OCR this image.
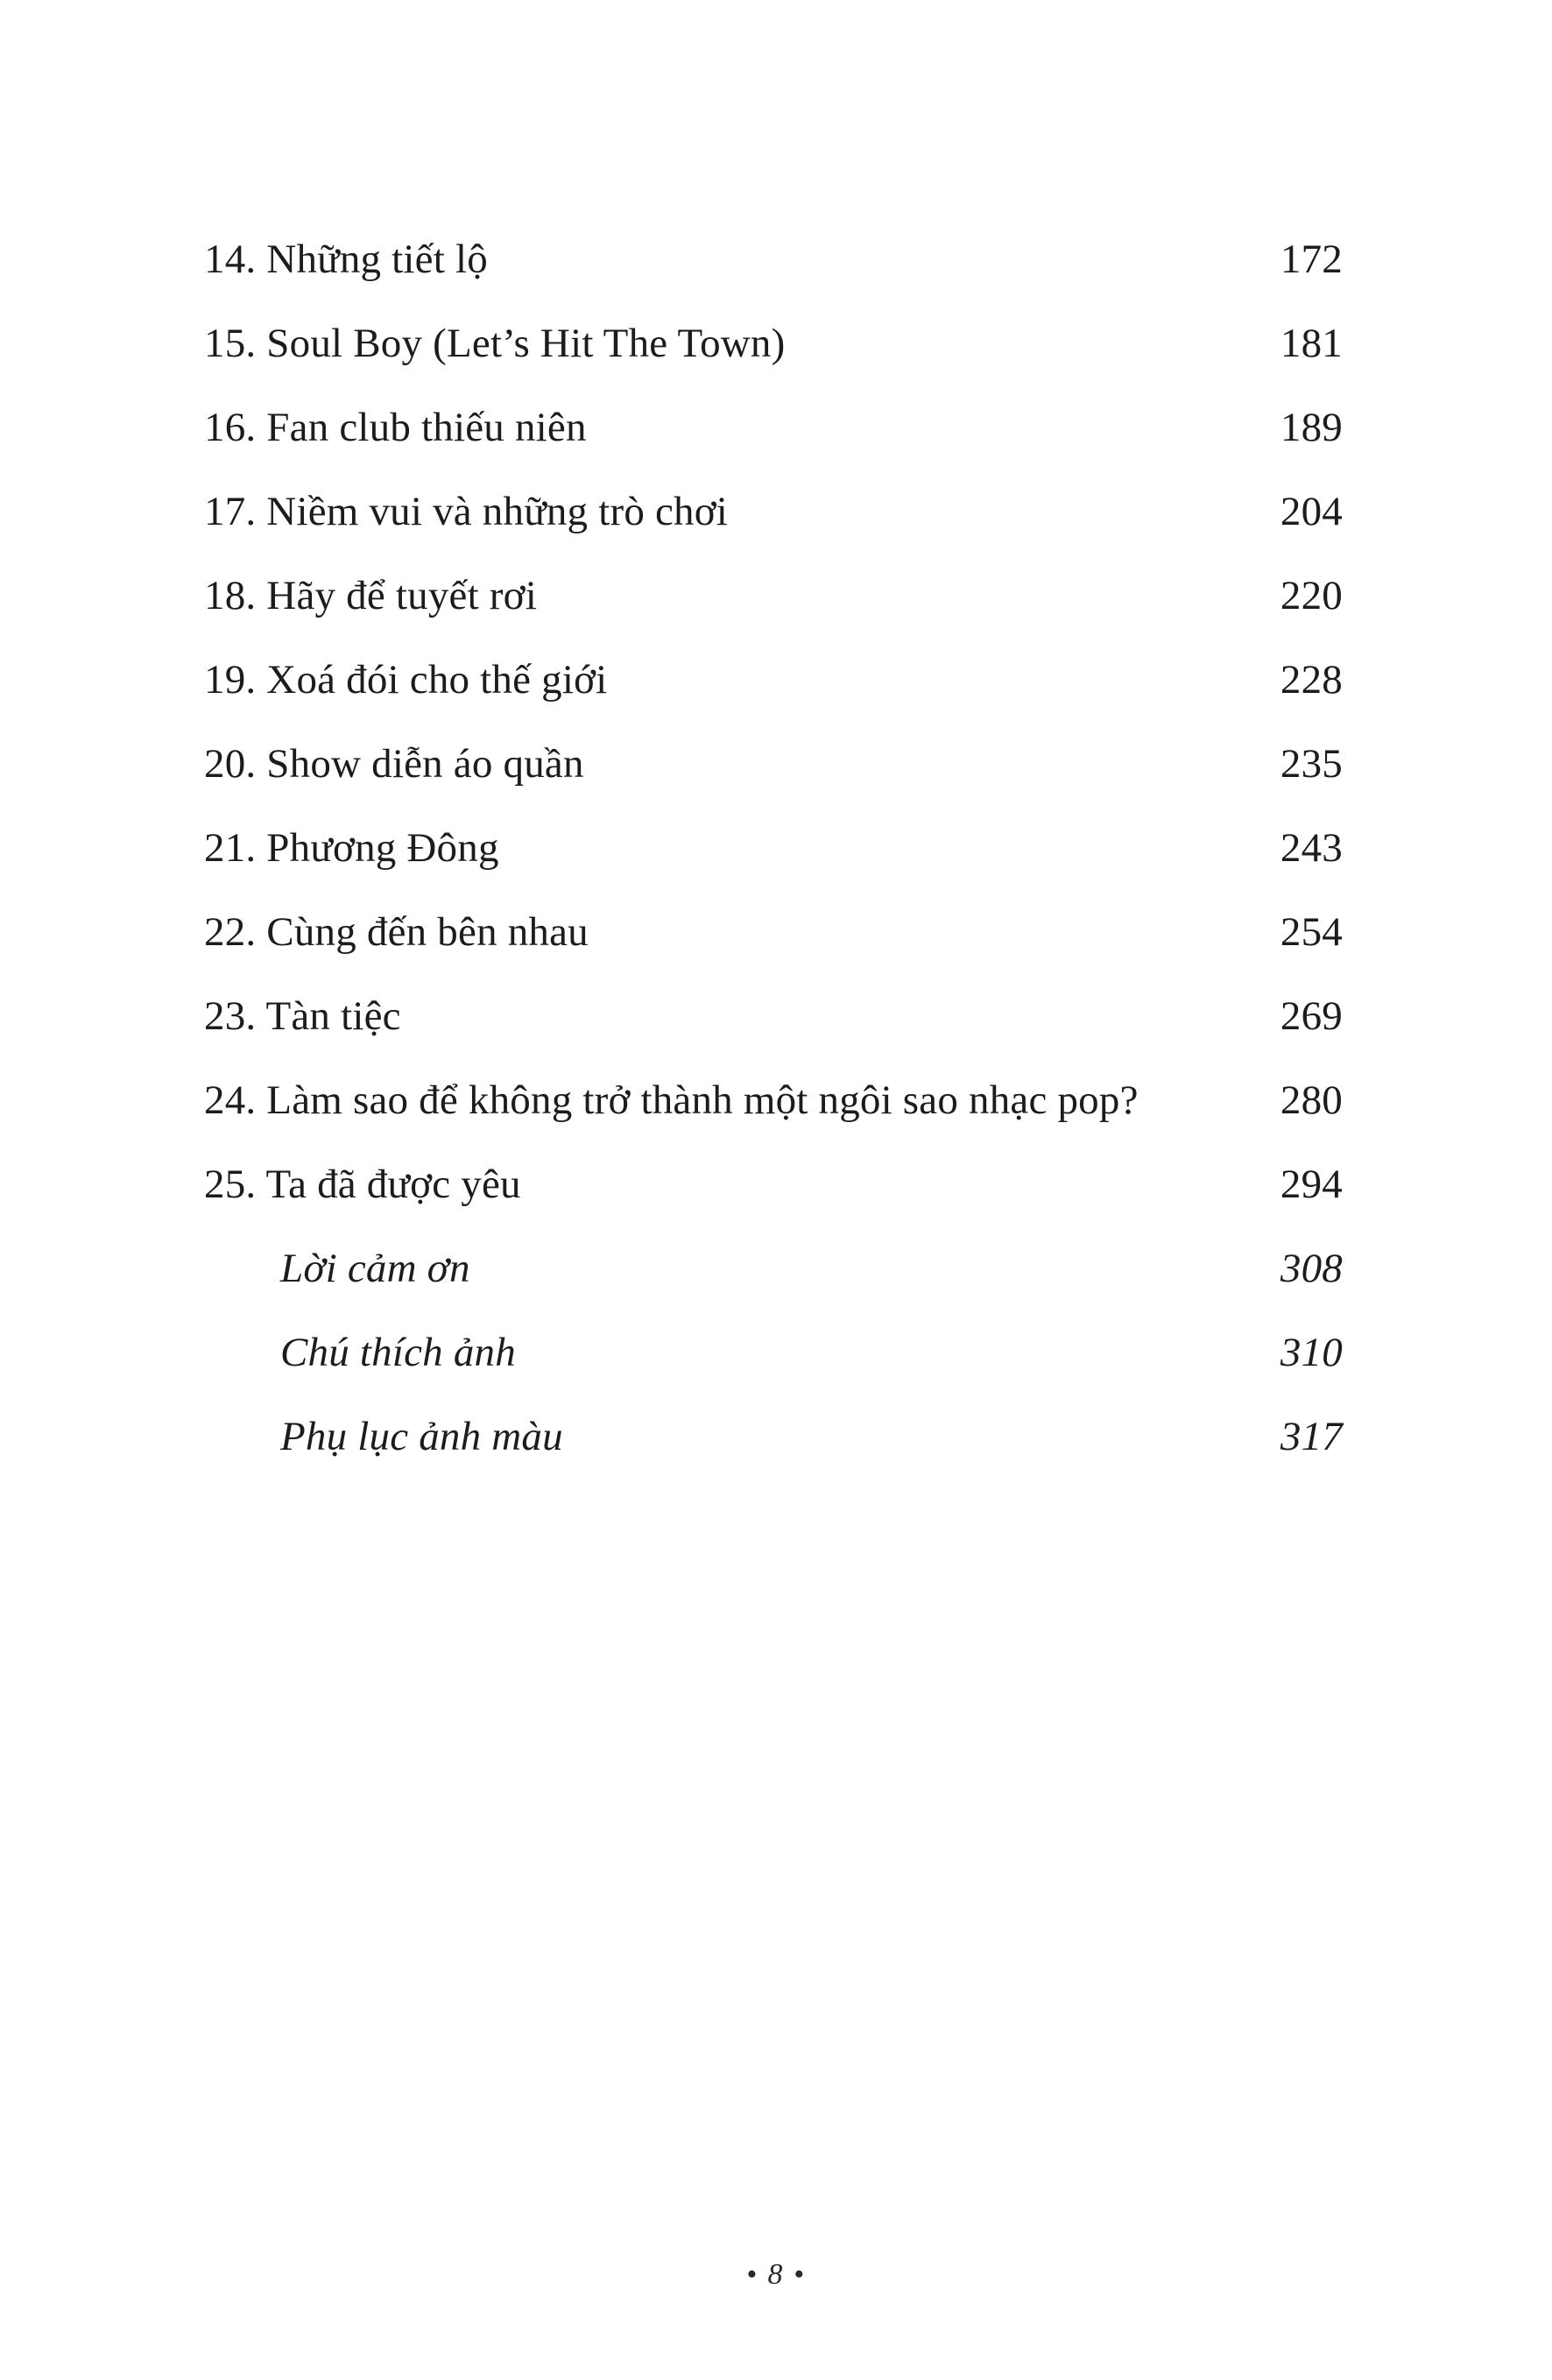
14. Những tiết lộ	172
15. Soul Boy (Let’s Hit The Town)	181
16. Fan club thiếu niên	189
17. Niềm vui và những trò chơi	204
18. Hãy để tuyết rơi	220
19. Xoá đói cho thế giới	228
20. Show diễn áo quần	235
21. Phương Đông	243
22. Cùng đến bên nhau	254
23. Tàn tiệc	269
24. Làm sao để không trở thành một ngôi sao nhạc pop?	280
25. Ta đã được yêu	294
Lời cảm ơn	308
Chú thích ảnh	310
Phụ lục ảnh màu	317
• 8 •
